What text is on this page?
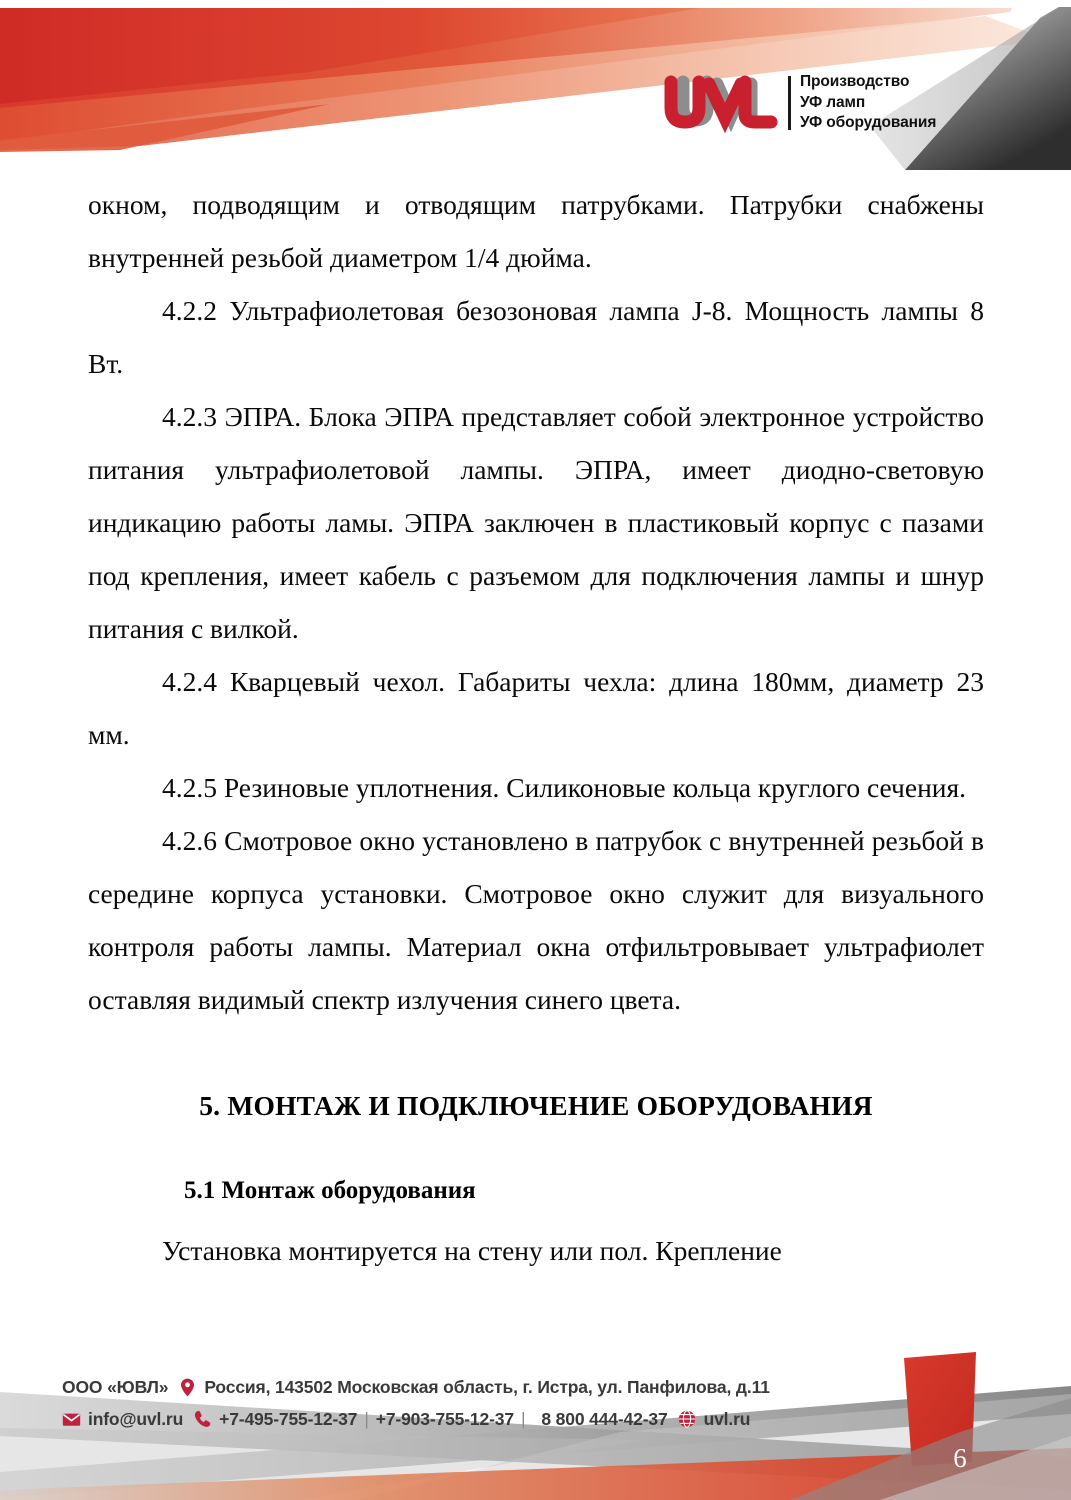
Производство
УФ ламп
УФ оборудования

окном, подводящим и отводящим патрубками. Патрубки снабжены внутренней резьбой диаметром 1/4 дюйма.

4.2.2 Ультрафиолетовая безозоновая лампа J-8. Мощность лампы 8 Вт.

4.2.3 ЭПРА. Блока ЭПРА представляет собой электронное устройство питания ультрафиолетовой лампы. ЭПРА, имеет диодно-световую индикацию работы ламы. ЭПРА заключен в пластиковый корпус с пазами под крепления, имеет кабель с разъемом для подключения лампы и шнур питания с вилкой.

4.2.4 Кварцевый чехол. Габариты чехла: длина 180мм, диаметр 23 мм.

4.2.5 Резиновые уплотнения. Силиконовые кольца круглого сечения.

4.2.6 Смотровое окно установлено в патрубок с внутренней резьбой в середине корпуса установки. Смотровое окно служит для визуального контроля работы лампы. Материал окна отфильтровывает ультрафиолет оставляя видимый спектр излучения синего цвета.

5. МОНТАЖ И ПОДКЛЮЧЕНИЕ ОБОРУДОВАНИЯ
5.1 Монтаж оборудования

Установка монтируется на стену или пол. Крепление

ООО «ЮВЛ» Россия, 143502 Московская область, г. Истра, ул. Панфилова, д.11
info@uvl.ru +7-495-755-12-37 | +7-903-755-12-37 | 8 800 444-42-37 uvl.ru
6
